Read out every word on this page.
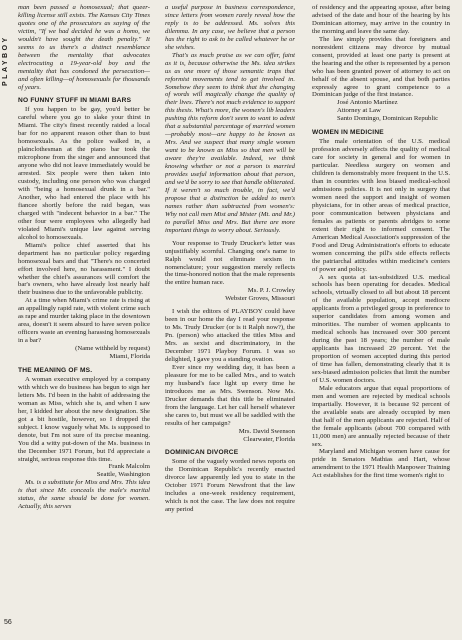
PLAYBOY
56

man been passed a homosexual; that queer-killing license still exists. The Kansas City Times quotes one of the prosecutors as saying of the victim, "If we had decided he was a homo, we wouldn't have sought the death penalty." It seems to us there's a distinct resemblance between the mentality that advocates electrocuting a 19-year-old boy and the mentality that has condoned the persecution—and often killing—of homosexuals for thousands of years.

NO FUNNY STUFF IN MIAMI BARS

If you happen to be gay, you'd better be careful where you go to slake your thirst in Miami. The city's finest recently raided a local bar for no apparent reason other than to bust homosexuals. As the police walked in, a plainclothesman at the piano bar took the microphone from the singer and announced that anyone who did not leave immediately would be arrested. Six people were then taken into custody, including one person who was charged with "being a homosexual drunk in a bar." Another, who had entered the place with his fiancee shortly before the raid began, was charged with "indecent behavior in a bar." The other four were employees who allegedly had violated Miami's unique law against serving alcohol to homosexuals.

Miami's police chief asserted that his department has no particular policy regarding homosexual bars and that "There's no concerted effort involved here, no harassment." I doubt whether the chief's assurances will comfort the bar's owners, who have already lost nearly half their business due to the unfavorable publicity.

At a time when Miami's crime rate is rising at an appallingly rapid rate, with violent crime such as rape and murder taking place in the downtown area, doesn't it seem absurd to have seven police officers waste an evening harassing homosexuals in a bar?

(Name withheld by request)

Miami, Florida

THE MEANING OF MS.

A woman executive employed by a company with which we do business has begun to sign her letters Ms. I'd been in the habit of addressing the woman as Miss, which she is, and when I saw her, I kidded her about the new designation. She got a bit hostile, however, so I dropped the subject. I know vaguely what Ms. is supposed to denote, but I'm not sure of its precise meaning. You did a witty put-down of the Ms. business in the December 1971 Forum, but I'd appreciate a straight, serious response this time.

Frank Malcolm

Seattle, Washington

Ms. is a substitute for Miss and Mrs. This idea is that since Mr. conceals the male's marital status, the same should be done for women. Actually, this serves

a useful purpose in business correspondence, since letters from women rarely reveal how the reply is to be addressed. Ms. solves this dilemma. In any case, we believe that a person has the right to ask to be called whatever he or she wishes.

That's as much praise as we can offer, faint as it is, because otherwise the Ms. idea strikes us as one more of those semantic traps that reformist movements tend to get involved in. Somehow they seem to think that the changing of words will magically change the quality of their lives. There's not much evidence to support this thesis. What's more, the women's lib leaders pushing this reform don't seem to want to admit that a substantial percentage of married women—probably most—are happy to be known as Mrs. And we suspect that many single women want to be known as Miss so that men will be aware they're available. Indeed, we think knowing whether or not a person is married provides useful information about that person, and we'd be sorry to see that handle obliterated. If it weren't so much trouble, in fact, we'd propose that a distinction be added to men's names rather than subtracted from women's: Why not call men Mist and Mister (Mt. and Mr.) to parallel Miss and Mrs. But there are more important things to worry about. Seriously.

Your response to Trudy Drucker's letter was unjustifiably scornful. Changing one's name to Ralph would not eliminate sexism in nomenclature; your suggestion merely reflects the time-honored notion that the male represents the entire human race.

Ms. P. J. Crowley

Webster Groves, Missouri

I wish the editors of PLAYBOY could have been in our home the day I read your response to Ms. Trudy Drucker (or is it Ralph now?), the Pn. (person) who attacked the titles Miss and Mrs. as sexist and discriminatory, in the December 1971 Playboy Forum. I was so delighted, I gave you a standing ovation.

Ever since my wedding day, it has been a pleasure for me to be called Mrs., and to watch my husband's face light up every time he introduces me as Mrs. Swenson. Now Ms. Drucker demands that this title be eliminated from the language. Let her call herself whatever she cares to, but must we all be saddled with the results of her campaign?

Mrs. David Swenson

Clearwater, Florida

DOMINICAN DIVORCE

Some of the vaguely worded news reports on the Dominican Republic's recently enacted divorce law apparently led you to state in the October 1971 Forum Newsfront that the law includes a one-week residency requirement, which is not the case. The law does not require any period

of residency and the appearing spouse, after being advised of the date and hour of the hearing by his Dominican attorney, may arrive in the country in the morning and leave the same day.

The law simply provides that foreigners and nonresident citizens may divorce by mutual consent, provided at least one party is present at the hearing and the other is represented by a person who has been granted power of attorney to act on behalf of the absent spouse, and that both parties expressly agree to grant competence to a Dominican judge of the first instance.

José Antonio Martínez

Attorney at Law

Santo Domingo, Dominican Republic

WOMEN IN MEDICINE

The male orientation of the U.S. medical profession adversely affects the quality of medical care for society in general and for women in particular. Needless surgery on women and children is demonstrably more frequent in the U.S. than in countries with less biased medical-school admissions policies. It is not only in surgery that women need the support and insight of women physicians, for in other areas of medical practice, poor communication between physicians and females as patients or parents abridges to some extent their right to informed consent. The American Medical Association's suppression of the Food and Drug Administration's efforts to educate women concerning the pill's side effects reflects the patriarchal attitudes within medicine's centers of power and policy.

A sex quota at tax-subsidized U.S. medical schools has been operating for decades. Medical schools, virtually closed to all but about 18 percent of the available population, accept mediocre applicants from a privileged group in preference to superior candidates from among women and minorities. The number of women applicants to medical schools has increased over 300 percent during the past 18 years; the number of male applicants has increased 29 percent. Yet the proportion of women accepted during this period of time has fallen, demonstrating clearly that it is sex-biased admission policies that limit the number of U.S. women doctors.

Male educators argue that equal proportions of men and women are rejected by medical schools impartially. However, it is because 92 percent of the available seats are already occupied by men that half of the men applicants are rejected. Half of the female applicants (about 700 compared with 11,000 men) are annually rejected because of their sex.

Maryland and Michigan women have cause for pride in Senators Mathias and Hart, whose amendment to the 1971 Health Manpower Training Act establishes for the first time women's right to
